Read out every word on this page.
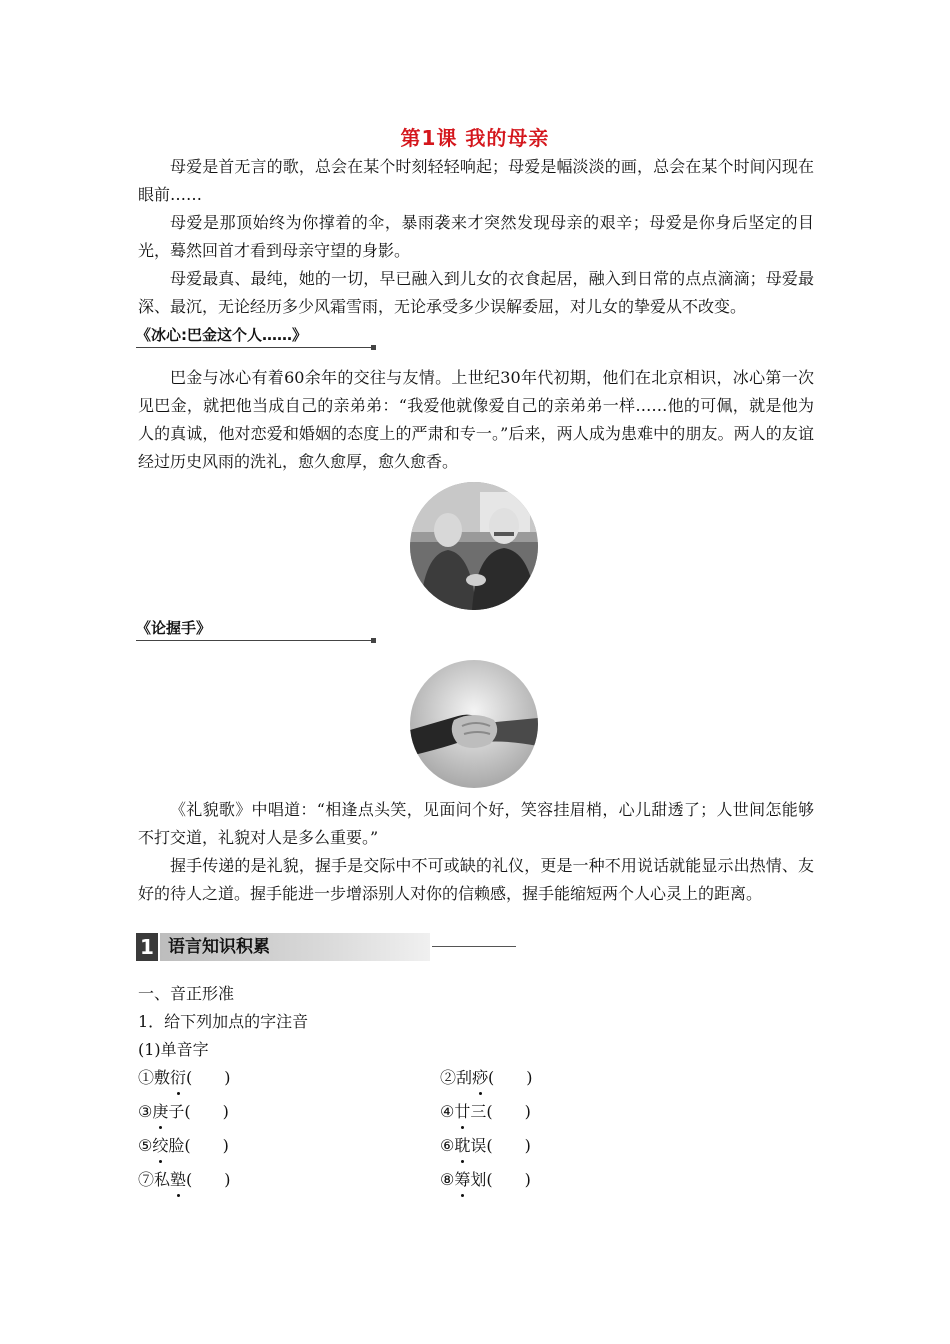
第1课 我的母亲

母爱是首无言的歌，总会在某个时刻轻轻响起；母爱是幅淡淡的画，总会在某个时间闪现在眼前……

母爱是那顶始终为你撑着的伞，暴雨袭来才突然发现母亲的艰辛；母爱是你身后坚定的目光，蓦然回首才看到母亲守望的身影。

母爱最真、最纯，她的一切，早已融入到儿女的衣食起居，融入到日常的点点滴滴；母爱最深、最沉，无论经历多少风霜雪雨，无论承受多少误解委屈，对儿女的挚爱从不改变。

《冰心:巴金这个人……》

巴金与冰心有着60余年的交往与友情。上世纪30年代初期，他们在北京相识，冰心第一次见巴金，就把他当成自己的亲弟弟：“我爱他就像爱自己的亲弟弟一样……他的可佩，就是他为人的真诚，他对恋爱和婚姻的态度上的严肃和专一。”后来，两人成为患难中的朋友。两人的友谊经过历史风雨的洗礼，愈久愈厚，愈久愈香。

《论握手》

《礼貌歌》中唱道：“相逢点头笑，见面问个好，笑容挂眉梢，心儿甜透了；人世间怎能够不打交道，礼貌对人是多么重要。”

握手传递的是礼貌，握手是交际中不可或缺的礼仪，更是一种不用说话就能显示出热情、友好的待人之道。握手能进一步增添别人对你的信赖感，握手能缩短两个人心灵上的距离。

1 语言知识积累
一、音正形准
1．给下列加点的字注音
(1)单音字
①敷衍(　　)	②刮痧(　　)
③庚子(　　)	④廿三(　　)
⑤绞脸(　　)	⑥耽误(　　)
⑦私塾(　　)	⑧筹划(　　)
